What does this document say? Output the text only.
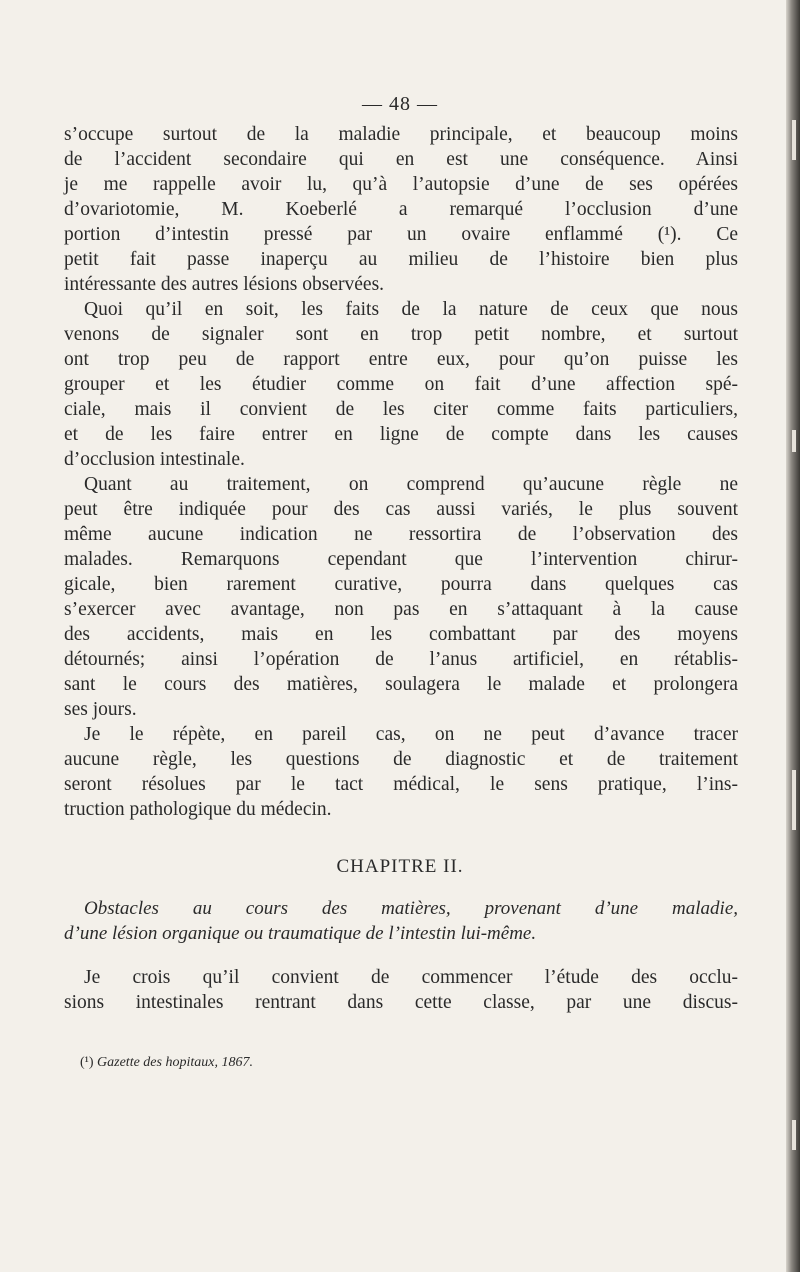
— 48 —

s’occupe surtout de la maladie principale, et beaucoup moins
de l’accident secondaire qui en est une conséquence. Ainsi
je me rappelle avoir lu, qu’à l’autopsie d’une de ses opérées
d’ovariotomie, M. Koeberlé a remarqué l’occlusion d’une
portion d’intestin pressé par un ovaire enflammé (¹). Ce
petit fait passe inaperçu au milieu de l’histoire bien plus
intéressante des autres lésions observées.

Quoi qu’il en soit, les faits de la nature de ceux que nous
venons de signaler sont en trop petit nombre, et surtout
ont trop peu de rapport entre eux, pour qu’on puisse les
grouper et les étudier comme on fait d’une affection spé-
ciale, mais il convient de les citer comme faits particuliers,
et de les faire entrer en ligne de compte dans les causes
d’occlusion intestinale.

Quant au traitement, on comprend qu’aucune règle ne
peut être indiquée pour des cas aussi variés, le plus souvent
même aucune indication ne ressortira de l’observation des
malades. Remarquons cependant que l’intervention chirur-
gicale, bien rarement curative, pourra dans quelques cas
s’exercer avec avantage, non pas en s’attaquant à la cause
des accidents, mais en les combattant par des moyens
détournés; ainsi l’opération de l’anus artificiel, en rétablis-
sant le cours des matières, soulagera le malade et prolongera
ses jours.

Je le répète, en pareil cas, on ne peut d’avance tracer
aucune règle, les questions de diagnostic et de traitement
seront résolues par le tact médical, le sens pratique, l’ins-
truction pathologique du médecin.

CHAPITRE II.
Obstacles au cours des matières, provenant d’une maladie,
d’une lésion organique ou traumatique de l’intestin lui-même.
Je crois qu’il convient de commencer l’étude des occlu-
sions intestinales rentrant dans cette classe, par une discus-
(¹) Gazette des hopitaux, 1867.
